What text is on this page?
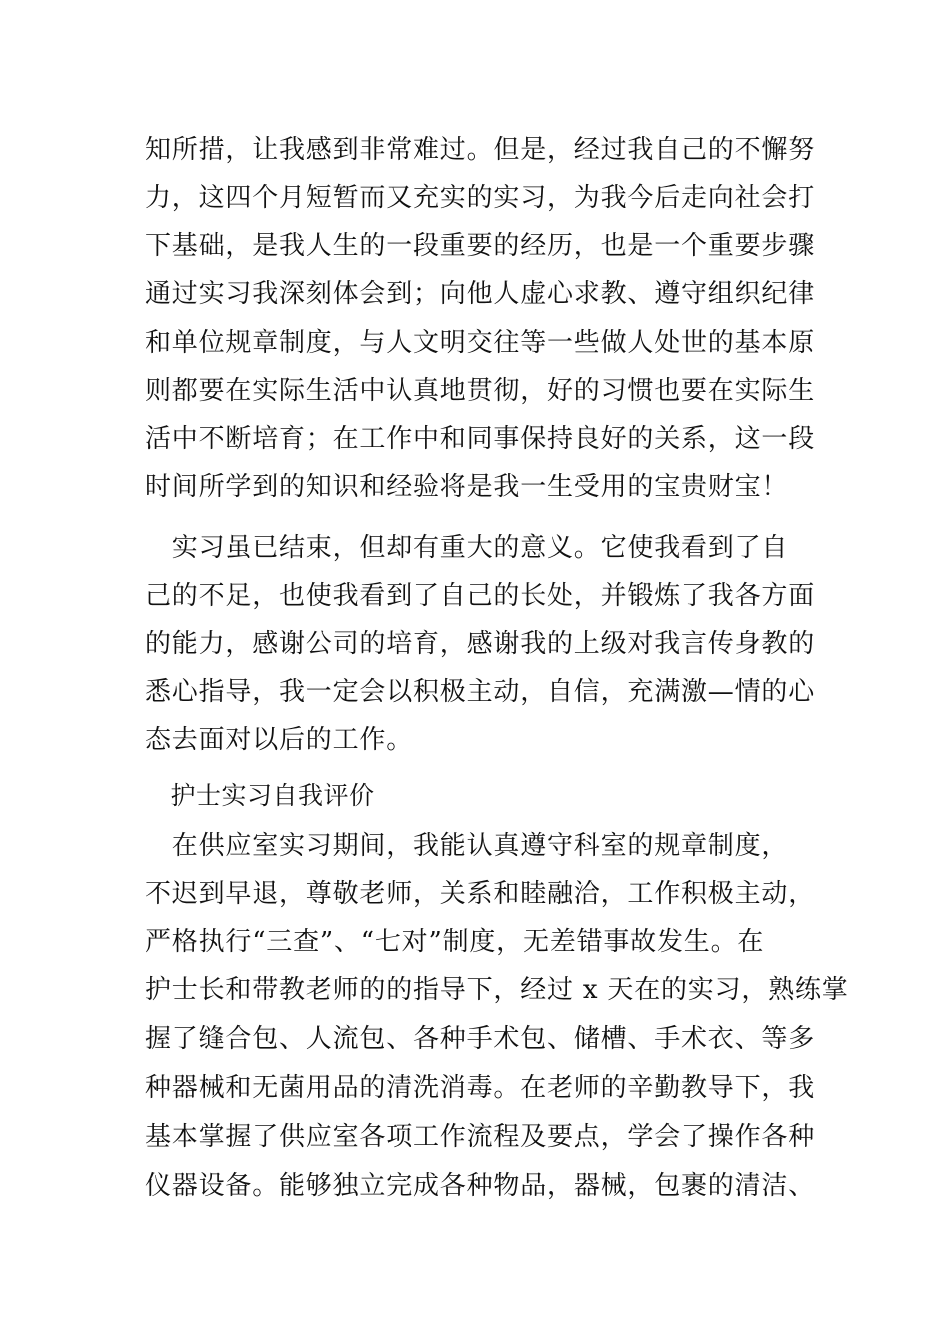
知所措，让我感到非常难过。但是，经过我自己的不懈努
力，这四个月短暂而又充实的实习，为我今后走向社会打
下基础，是我人生的一段重要的经历，也是一个重要步骤
通过实习我深刻体会到；向他人虚心求教、遵守组织纪律
和单位规章制度，与人文明交往等一些做人处世的基本原
则都要在实际生活中认真地贯彻，好的习惯也要在实际生
活中不断培育；在工作中和同事保持良好的关系，这一段
时间所学到的知识和经验将是我一生受用的宝贵财宝！
　实习虽已结束，但却有重大的意义。它使我看到了自
己的不足，也使我看到了自己的长处，并锻炼了我各方面
的能力，感谢公司的培育，感谢我的上级对我言传身教的
悉心指导，我一定会以积极主动，自信，充满激—情的心
态去面对以后的工作。
　护士实习自我评价
　在供应室实习期间，我能认真遵守科室的规章制度，
不迟到早退，尊敬老师，关系和睦融洽，工作积极主动，
严格执行“三查”、“七对”制度，无差错事故发生。在
护士长和带教老师的的指导下，经过 x 天在的实习，熟练掌
握了缝合包、人流包、各种手术包、储槽、手术衣、等多
种器械和无菌用品的清洗消毒。在老师的辛勤教导下，我
基本掌握了供应室各项工作流程及要点，学会了操作各种
仪器设备。能够独立完成各种物品，器械，包裹的清洁、
